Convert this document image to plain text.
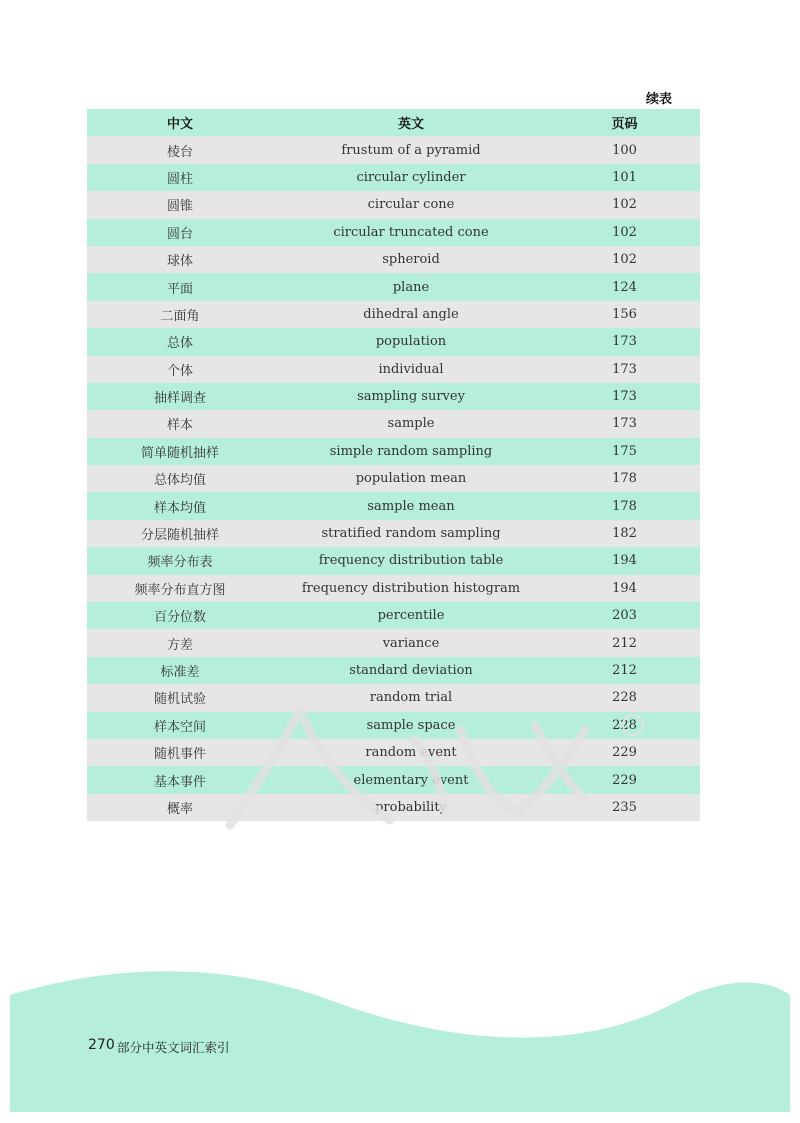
续表
中文	英文	页码
棱台	frustum of a pyramid	100
圆柱	circular cylinder	101
圆锥	circular cone	102
圆台	circular truncated cone	102
球体	spheroid	102
平面	plane	124
二面角	dihedral angle	156
总体	population	173
个体	individual	173
抽样调查	sampling survey	173
样本	sample	173
简单随机抽样	simple random sampling	175
总体均值	population mean	178
样本均值	sample mean	178
分层随机抽样	stratified random sampling	182
频率分布表	frequency distribution table	194
频率分布直方图	frequency distribution histogram	194
百分位数	percentile	203
方差	variance	212
标准差	standard deviation	212
随机试验	random trial	228
样本空间	sample space	228
随机事件	random event	229
基本事件	elementary event	229
概率	probability	235
270 部分中英文词汇索引
